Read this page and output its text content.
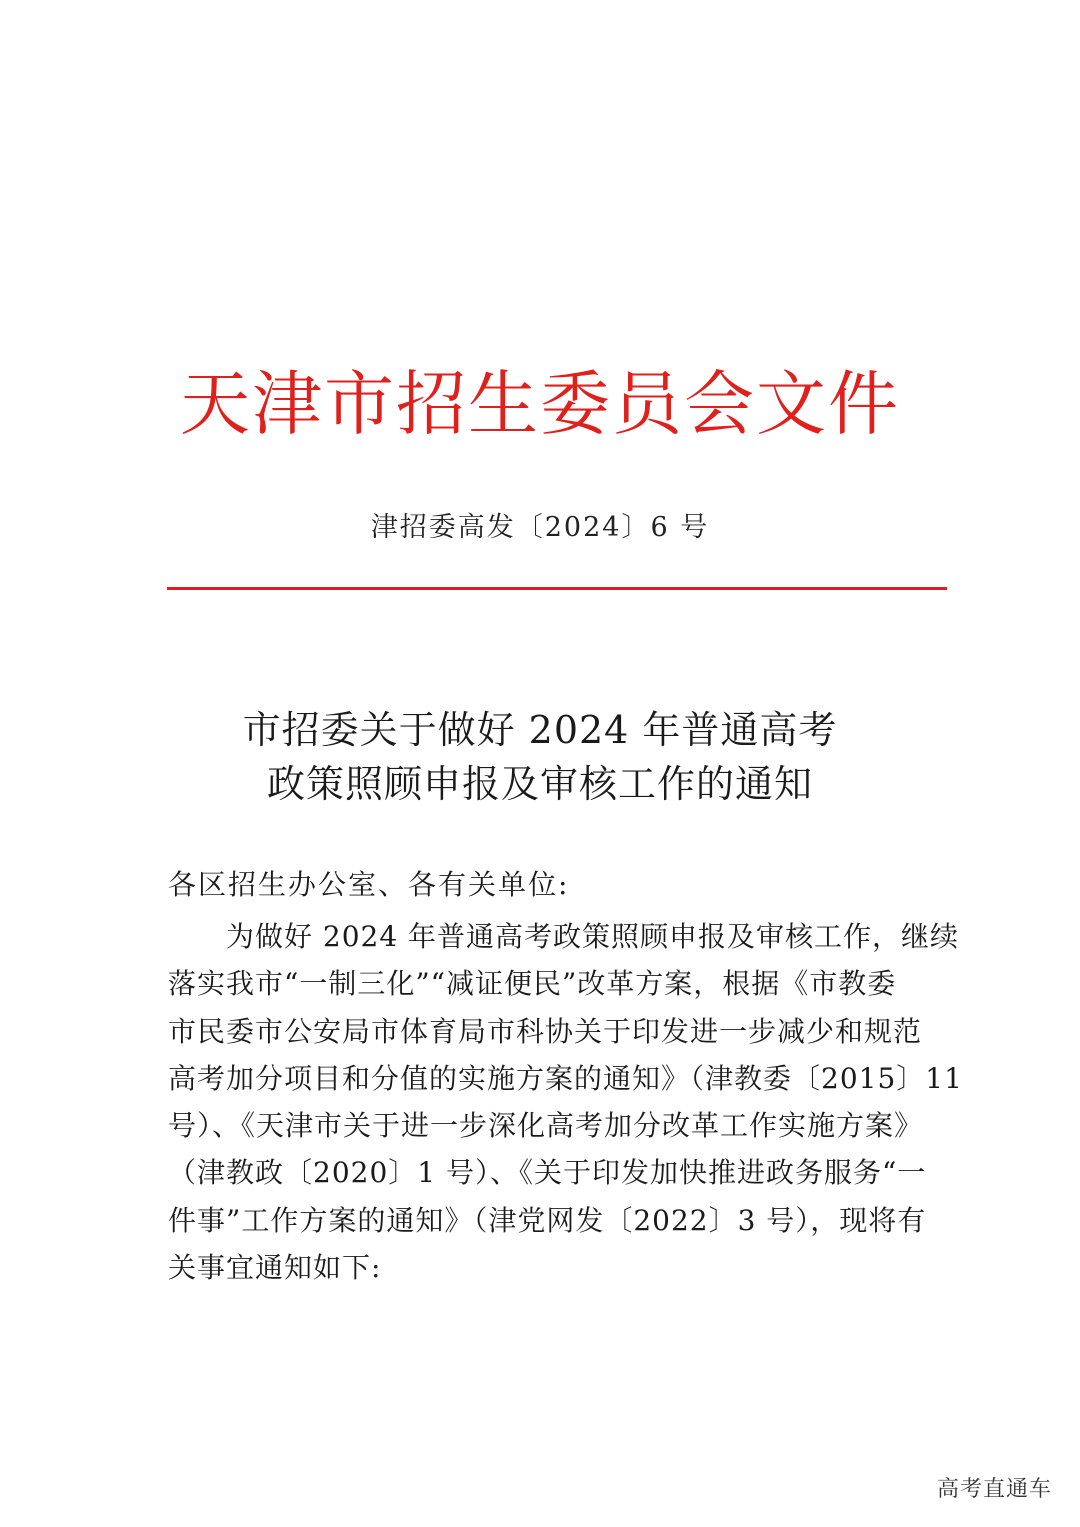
天津市招生委员会文件
津招委高发〔2024〕6 号
市招委关于做好 2024 年普通高考
政策照顾申报及审核工作的通知
各区招生办公室、各有关单位:
为做好 2024 年普通高考政策照顾申报及审核工作，继续
落实我市“一制三化”“减证便民”改革方案，根据《市教委
市民委市公安局市体育局市科协关于印发进一步减少和规范
高考加分项目和分值的实施方案的通知》（津教委〔2015〕11
号）、《天津市关于进一步深化高考加分改革工作实施方案》
（津教政〔2020〕1 号）、《关于印发加快推进政务服务“一
件事”工作方案的通知》（津党网发〔2022〕3 号），现将有
关事宜通知如下:
高考直通车
